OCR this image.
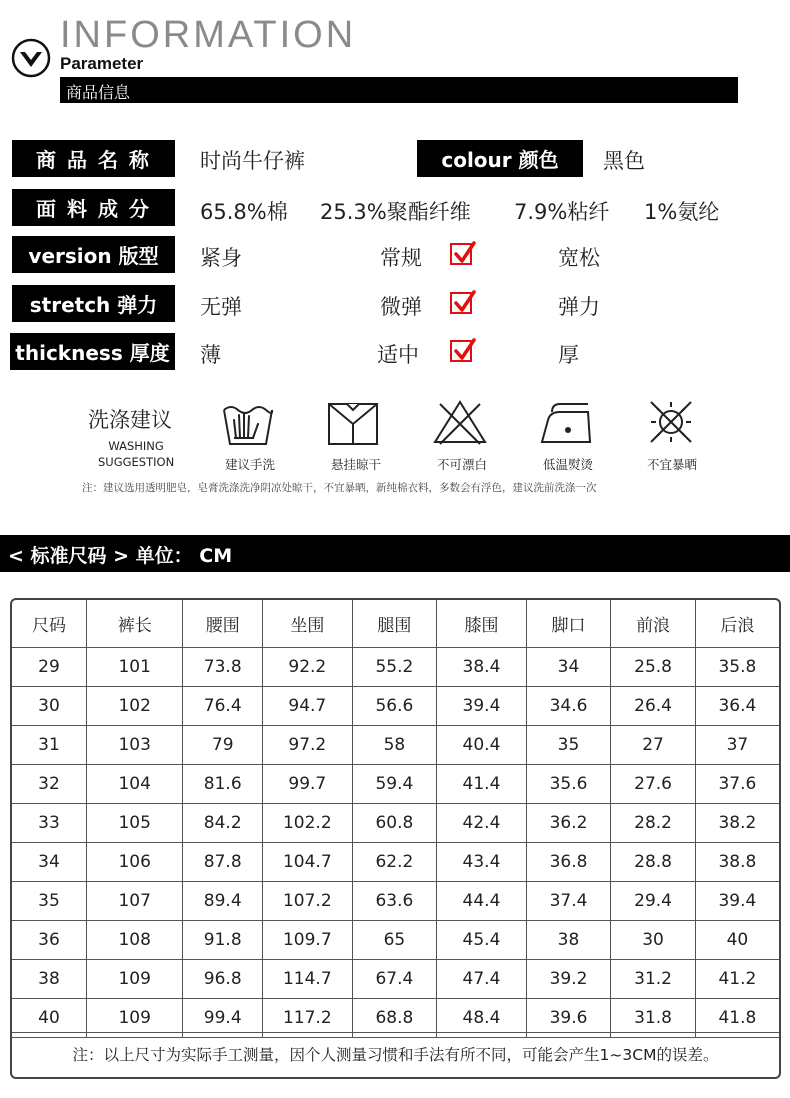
INFORMATION
Parameter
商品信息
商 品 名 称	时尚牛仔裤	colour 颜色	黑色
面 料 成 分	65.8%棉 25.3%聚酯纤维 7.9%粘纤 1%氨纶
version 版型	紧身	常规	宽松
stretch 弹力	无弹	微弹	弹力
thickness 厚度 薄	适中	厚
洗涤建议
WASHING
SUGGESTION	建议手洗	悬挂晾干	不可漂白	低温熨烫	不宜暴晒
注：建议选用透明肥皂，皂膏洗涤洗净阴凉处晾干，不宜暴晒，新纯棉衣料，多数会有浮色，建议洗前洗涤一次
< 标准尺码 > 单位： CM
尺码	裤长	腰围	坐围	腿围	膝围	脚口	前浪	后浪
29	101	73.8	92.2	55.2	38.4	34	25.8	35.8
30	102	76.4	94.7	56.6	39.4	34.6	26.4	36.4
31	103	79	97.2	58	40.4	35	27	37
32	104	81.6	99.7	59.4	41.4	35.6	27.6	37.6
33	105	84.2	102.2	60.8	42.4	36.2	28.2	38.2
34	106	87.8	104.7	62.2	43.4	36.8	28.8	38.8
35	107	89.4	107.2	63.6	44.4	37.4	29.4	39.4
36	108	91.8	109.7	65	45.4	38	30	40
38	109	96.8	114.7	67.4	47.4	39.2	31.2	41.2
40	109	99.4	117.2	68.8	48.4	39.6	31.8	41.8
注：以上尺寸为实际手工测量，因个人测量习惯和手法有所不同，可能会产生1~3CM的误差。
